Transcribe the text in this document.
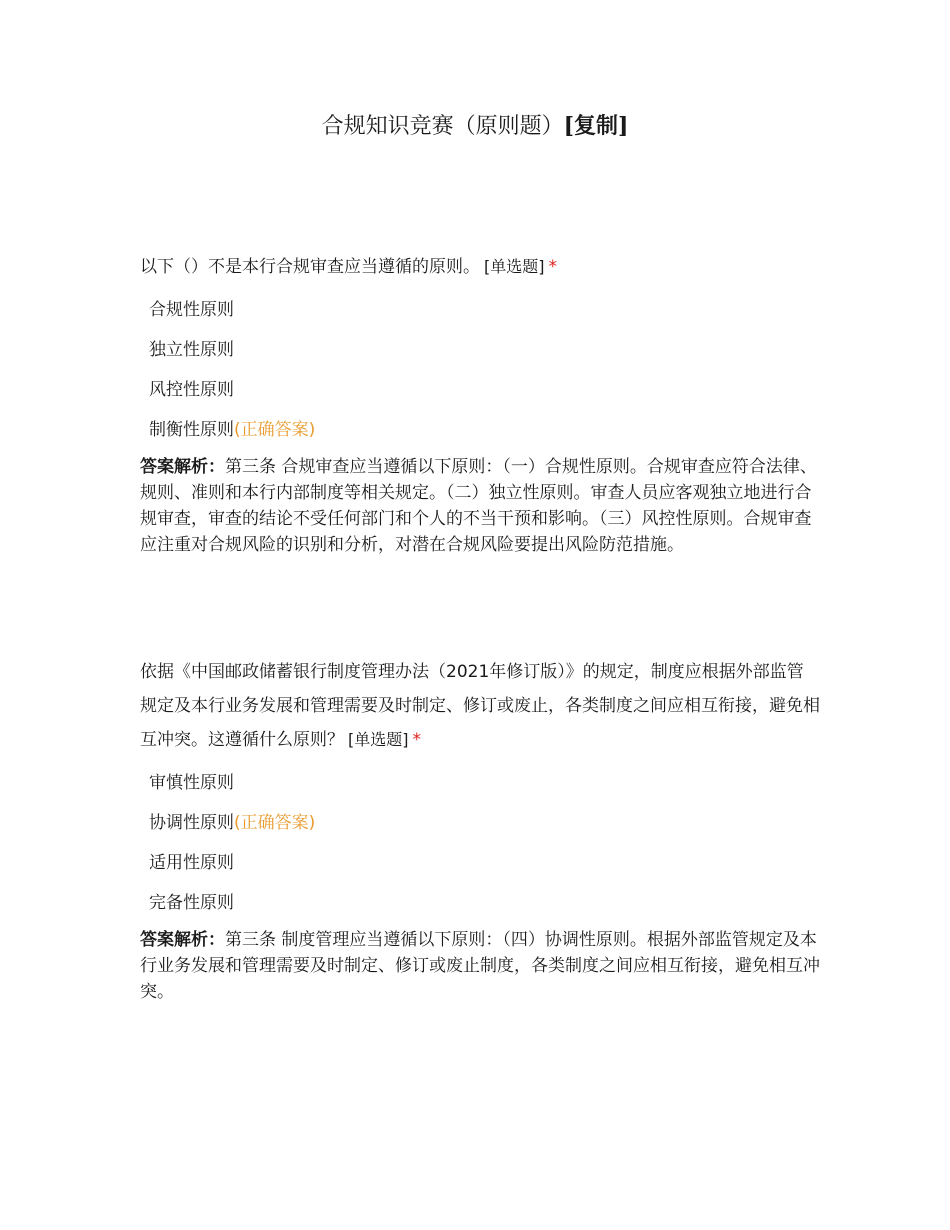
合规知识竞赛（原则题）[复制]
以下（）不是本行合规审查应当遵循的原则。 [单选题] *
合规性原则
独立性原则
风控性原则
制衡性原则(正确答案)
答案解析：第三条 合规审查应当遵循以下原则：（一）合规性原则。合规审查应符合法律、规则、准则和本行内部制度等相关规定。（二）独立性原则。审查人员应客观独立地进行合规审查，审查的结论不受任何部门和个人的不当干预和影响。（三）风控性原则。合规审查应注重对合规风险的识别和分析，对潜在合规风险要提出风险防范措施。
依据《中国邮政储蓄银行制度管理办法（2021年修订版）》的规定，制度应根据外部监管规定及本行业务发展和管理需要及时制定、修订或废止，各类制度之间应相互衔接，避免相互冲突。这遵循什么原则？ [单选题] *
审慎性原则
协调性原则(正确答案)
适用性原则
完备性原则
答案解析：第三条 制度管理应当遵循以下原则：（四）协调性原则。根据外部监管规定及本行业务发展和管理需要及时制定、修订或废止制度，各类制度之间应相互衔接，避免相互冲突。
